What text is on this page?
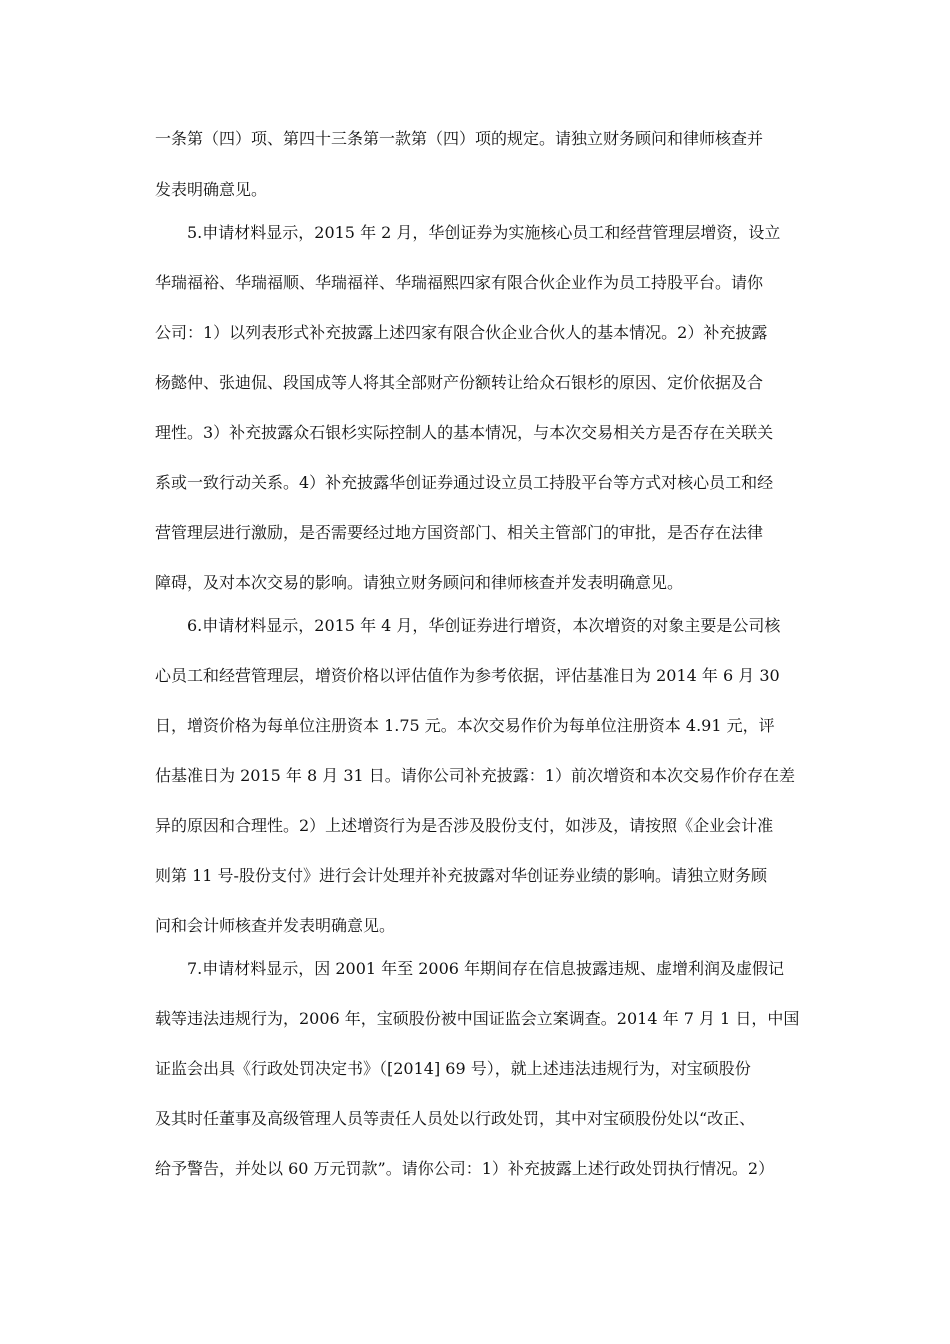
一条第（四）项、第四十三条第一款第（四）项的规定。请独立财务顾问和律师核查并
发表明确意见。
5.申请材料显示，2015 年 2 月，华创证券为实施核心员工和经营管理层增资，设立
华瑞福裕、华瑞福顺、华瑞福祥、华瑞福熙四家有限合伙企业作为员工持股平台。请你
公司：1）以列表形式补充披露上述四家有限合伙企业合伙人的基本情况。2）补充披露
杨懿仲、张迪侃、段国成等人将其全部财产份额转让给众石银杉的原因、定价依据及合
理性。3）补充披露众石银杉实际控制人的基本情况，与本次交易相关方是否存在关联关
系或一致行动关系。4）补充披露华创证券通过设立员工持股平台等方式对核心员工和经
营管理层进行激励，是否需要经过地方国资部门、相关主管部门的审批，是否存在法律
障碍，及对本次交易的影响。请独立财务顾问和律师核查并发表明确意见。
6.申请材料显示，2015 年 4 月，华创证券进行增资，本次增资的对象主要是公司核
心员工和经营管理层，增资价格以评估值作为参考依据，评估基准日为 2014 年 6 月 30
日，增资价格为每单位注册资本 1.75 元。本次交易作价为每单位注册资本 4.91 元，评
估基准日为 2015 年 8 月 31 日。请你公司补充披露：1）前次增资和本次交易作价存在差
异的原因和合理性。2）上述增资行为是否涉及股份支付，如涉及，请按照《企业会计准
则第 11 号-股份支付》进行会计处理并补充披露对华创证券业绩的影响。请独立财务顾
问和会计师核查并发表明确意见。
7.申请材料显示，因 2001 年至 2006 年期间存在信息披露违规、虚增利润及虚假记
载等违法违规行为，2006 年，宝硕股份被中国证监会立案调查。2014 年 7 月 1 日，中国
证监会出具《行政处罚决定书》（[2014] 69 号），就上述违法违规行为，对宝硕股份
及其时任董事及高级管理人员等责任人员处以行政处罚，其中对宝硕股份处以“改正、
给予警告，并处以 60 万元罚款”。请你公司：1）补充披露上述行政处罚执行情况。2）
